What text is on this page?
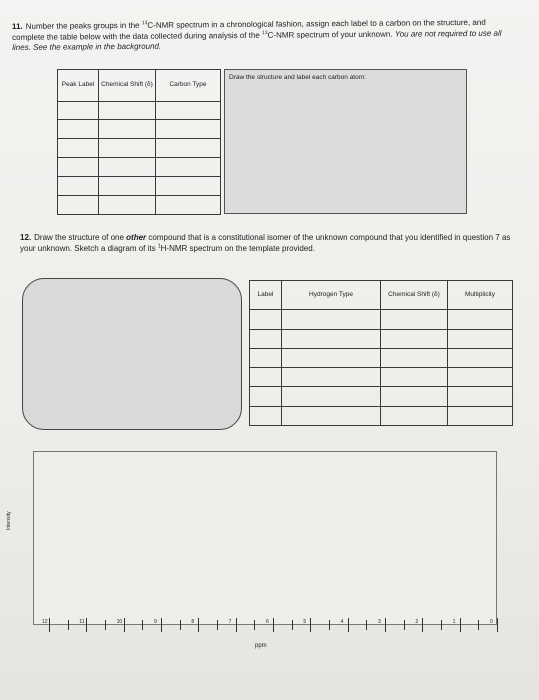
11. Number the peaks groups in the $^{13}$C-NMR spectrum in a chronological fashion, assign each label to a carbon on the structure, and complete the table below with the data collected during analysis of the $^{13}$C-NMR spectrum of your unknown. You are not required to use all lines. See the example in the background.
Peak Label	Chemical Shift (δ)	Carbon Type

Draw the structure and label each carbon atom:
12. Draw the structure of one other compound that is a constitutional isomer of the unknown compound that you identified in question 7 as your unknown. Sketch a diagram of its $^1$H-NMR spectrum on the template provided.
Label	Hydrogen Type	Chemical Shift (δ)	Multiplicity

Intensity
12	11	10	9	8	7	6	5	4	3	2	1	0
ppm
